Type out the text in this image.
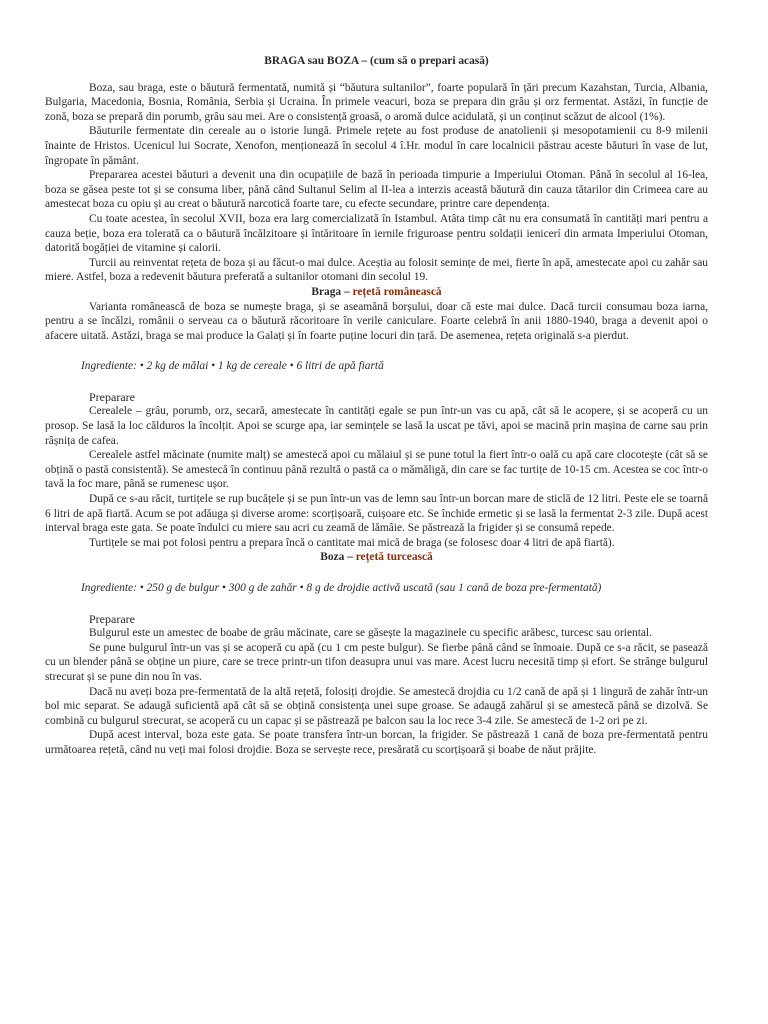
BRAGA sau BOZA – (cum să o prepari acasă)

Boza, sau braga, este o băutură fermentată, numită și “băutura sultanilor”, foarte populară în țări precum Kazahstan, Turcia, Albania, Bulgaria, Macedonia, Bosnia, România, Serbia și Ucraina. În primele veacuri, boza se prepara din grâu și orz fermentat. Astăzi, în funcție de zonă, boza se prepară din porumb, grâu sau mei. Are o consistență groasă, o aromă dulce acidulată, și un conținut scăzut de alcool (1%).

Băuturile fermentate din cereale au o istorie lungă. Primele rețete au fost produse de anatolienii și mesopotamienii cu 8-9 milenii înainte de Hristos. Ucenicul lui Socrate, Xenofon, menționează în secolul 4 î.Hr. modul în care localnicii păstrau aceste băuturi în vase de lut, îngropate în pământ.

Prepararea acestei băuturi a devenit una din ocupațiile de bază în perioada timpurie a Imperiului Otoman. Până în secolul al 16-lea, boza se găsea peste tot și se consuma liber, până când Sultanul Selim al II-lea a interzis această băutură din cauza tătarilor din Crimeea care au amestecat boza cu opiu și au creat o băutură narcotică foarte tare, cu efecte secundare, printre care dependența.

Cu toate acestea, în secolul XVII, boza era larg comercializată în Istambul. Atâta timp cât nu era consumată în cantități mari pentru a cauza beție, boza era tolerată ca o băutură încălzitoare și întăritoare în iernile friguroase pentru soldații ienicerí din armata Imperiului Otoman, datorită bogăției de vitamine și calorii.

Turcii au reinventat rețeta de boza și au făcut-o mai dulce. Aceștia au folosit semințe de mei, fierte în apă, amestecate apoi cu zahăr sau miere. Astfel, boza a redevenit băutura preferată a sultanilor otomani din secolul 19.

Braga – rețetă românească

Varianta românească de boza se numește braga, și se aseamănă borșului, doar că este mai dulce. Dacă turcii consumau boza iarna, pentru a se încălzi, românii o serveau ca o băutură răcoritoare în verile caniculare. Foarte celebră în anii 1880-1940, braga a devenit apoi o afacere uitată. Astăzi, braga se mai produce la Galați și în foarte puține locuri din țară. De asemenea, rețeta originală s-a pierdut.

Ingrediente: • 2 kg de mălai • 1 kg de cereale • 6 litri de apă fiartă

Preparare

Cerealele – grâu, porumb, orz, secară, amestecate în cantități egale se pun într-un vas cu apă, cât să le acopere, și se acoperă cu un prosop. Se lasă la loc călduros la încolțit. Apoi se scurge apa, iar semințele se lasă la uscat pe tăvi, apoi se macină prin mașina de carne sau prin râșnița de cafea.

Cerealele astfel măcinate (numite malț) se amestecă apoi cu mălaiul și se pune totul la fiert într-o oală cu apă care clocotește (cât să se obțină o pastă consistentă). Se amestecă în continuu până rezultă o pastă ca o mămăligă, din care se fac turtițe de 10-15 cm. Acestea se coc într-o tavă la foc mare, până se rumenesc ușor.

După ce s-au răcit, turtițele se rup bucățele și se pun într-un vas de lemn sau într-un borcan mare de sticlă de 12 litri. Peste ele se toarnă 6 litri de apă fiartă. Acum se pot adăuga și diverse arome: scorțișoară, cuișoare etc. Se închide ermetic și se lasă la fermentat 2-3 zile. După acest interval braga este gata. Se poate îndulci cu miere sau acri cu zeamă de lămâie. Se păstrează la frigider și se consumă repede.

Turtițele se mai pot folosi pentru a prepara încă o cantitate mai mică de braga (se folosesc doar 4 litri de apă fiartă).

Boza – rețetă turcească
Ingrediente: • 250 g de bulgur • 300 g de zahăr • 8 g de drojdie activă uscată (sau 1 cană de boza pre-fermentată)

Preparare

Bulgurul este un amestec de boabe de grâu măcinate, care se găsește la magazinele cu specific arăbesc, turcesc sau oriental.

Se pune bulgurul într-un vas și se acoperă cu apă (cu 1 cm peste bulgur). Se fierbe până când se înmoaie. După ce s-a răcit, se pasează cu un blender până se obține un piure, care se trece printr-un tifon deasupra unui vas mare. Acest lucru necesită timp și efort. Se strânge bulgurul strecurat și se pune din nou în vas.

Dacă nu aveți boza pre-fermentată de la altă rețetă, folosiți drojdie. Se amestecă drojdia cu 1/2 cană de apă și 1 lingură de zahăr într-un bol mic separat. Se adaugă suficientă apă cât să se obțină consistența unei supe groase. Se adaugă zahărul și se amestecă până se dizolvă. Se combină cu bulgurul strecurat, se acoperă cu un capac și se păstrează pe balcon sau la loc rece 3-4 zile. Se amestecă de 1-2 ori pe zi.

După acest interval, boza este gata. Se poate transfera într-un borcan, la frigider. Se păstrează 1 cană de boza pre-fermentată pentru următoarea rețetă, când nu veți mai folosi drojdie. Boza se servește rece, presărată cu scorțișoară și boabe de năut prăjite.
